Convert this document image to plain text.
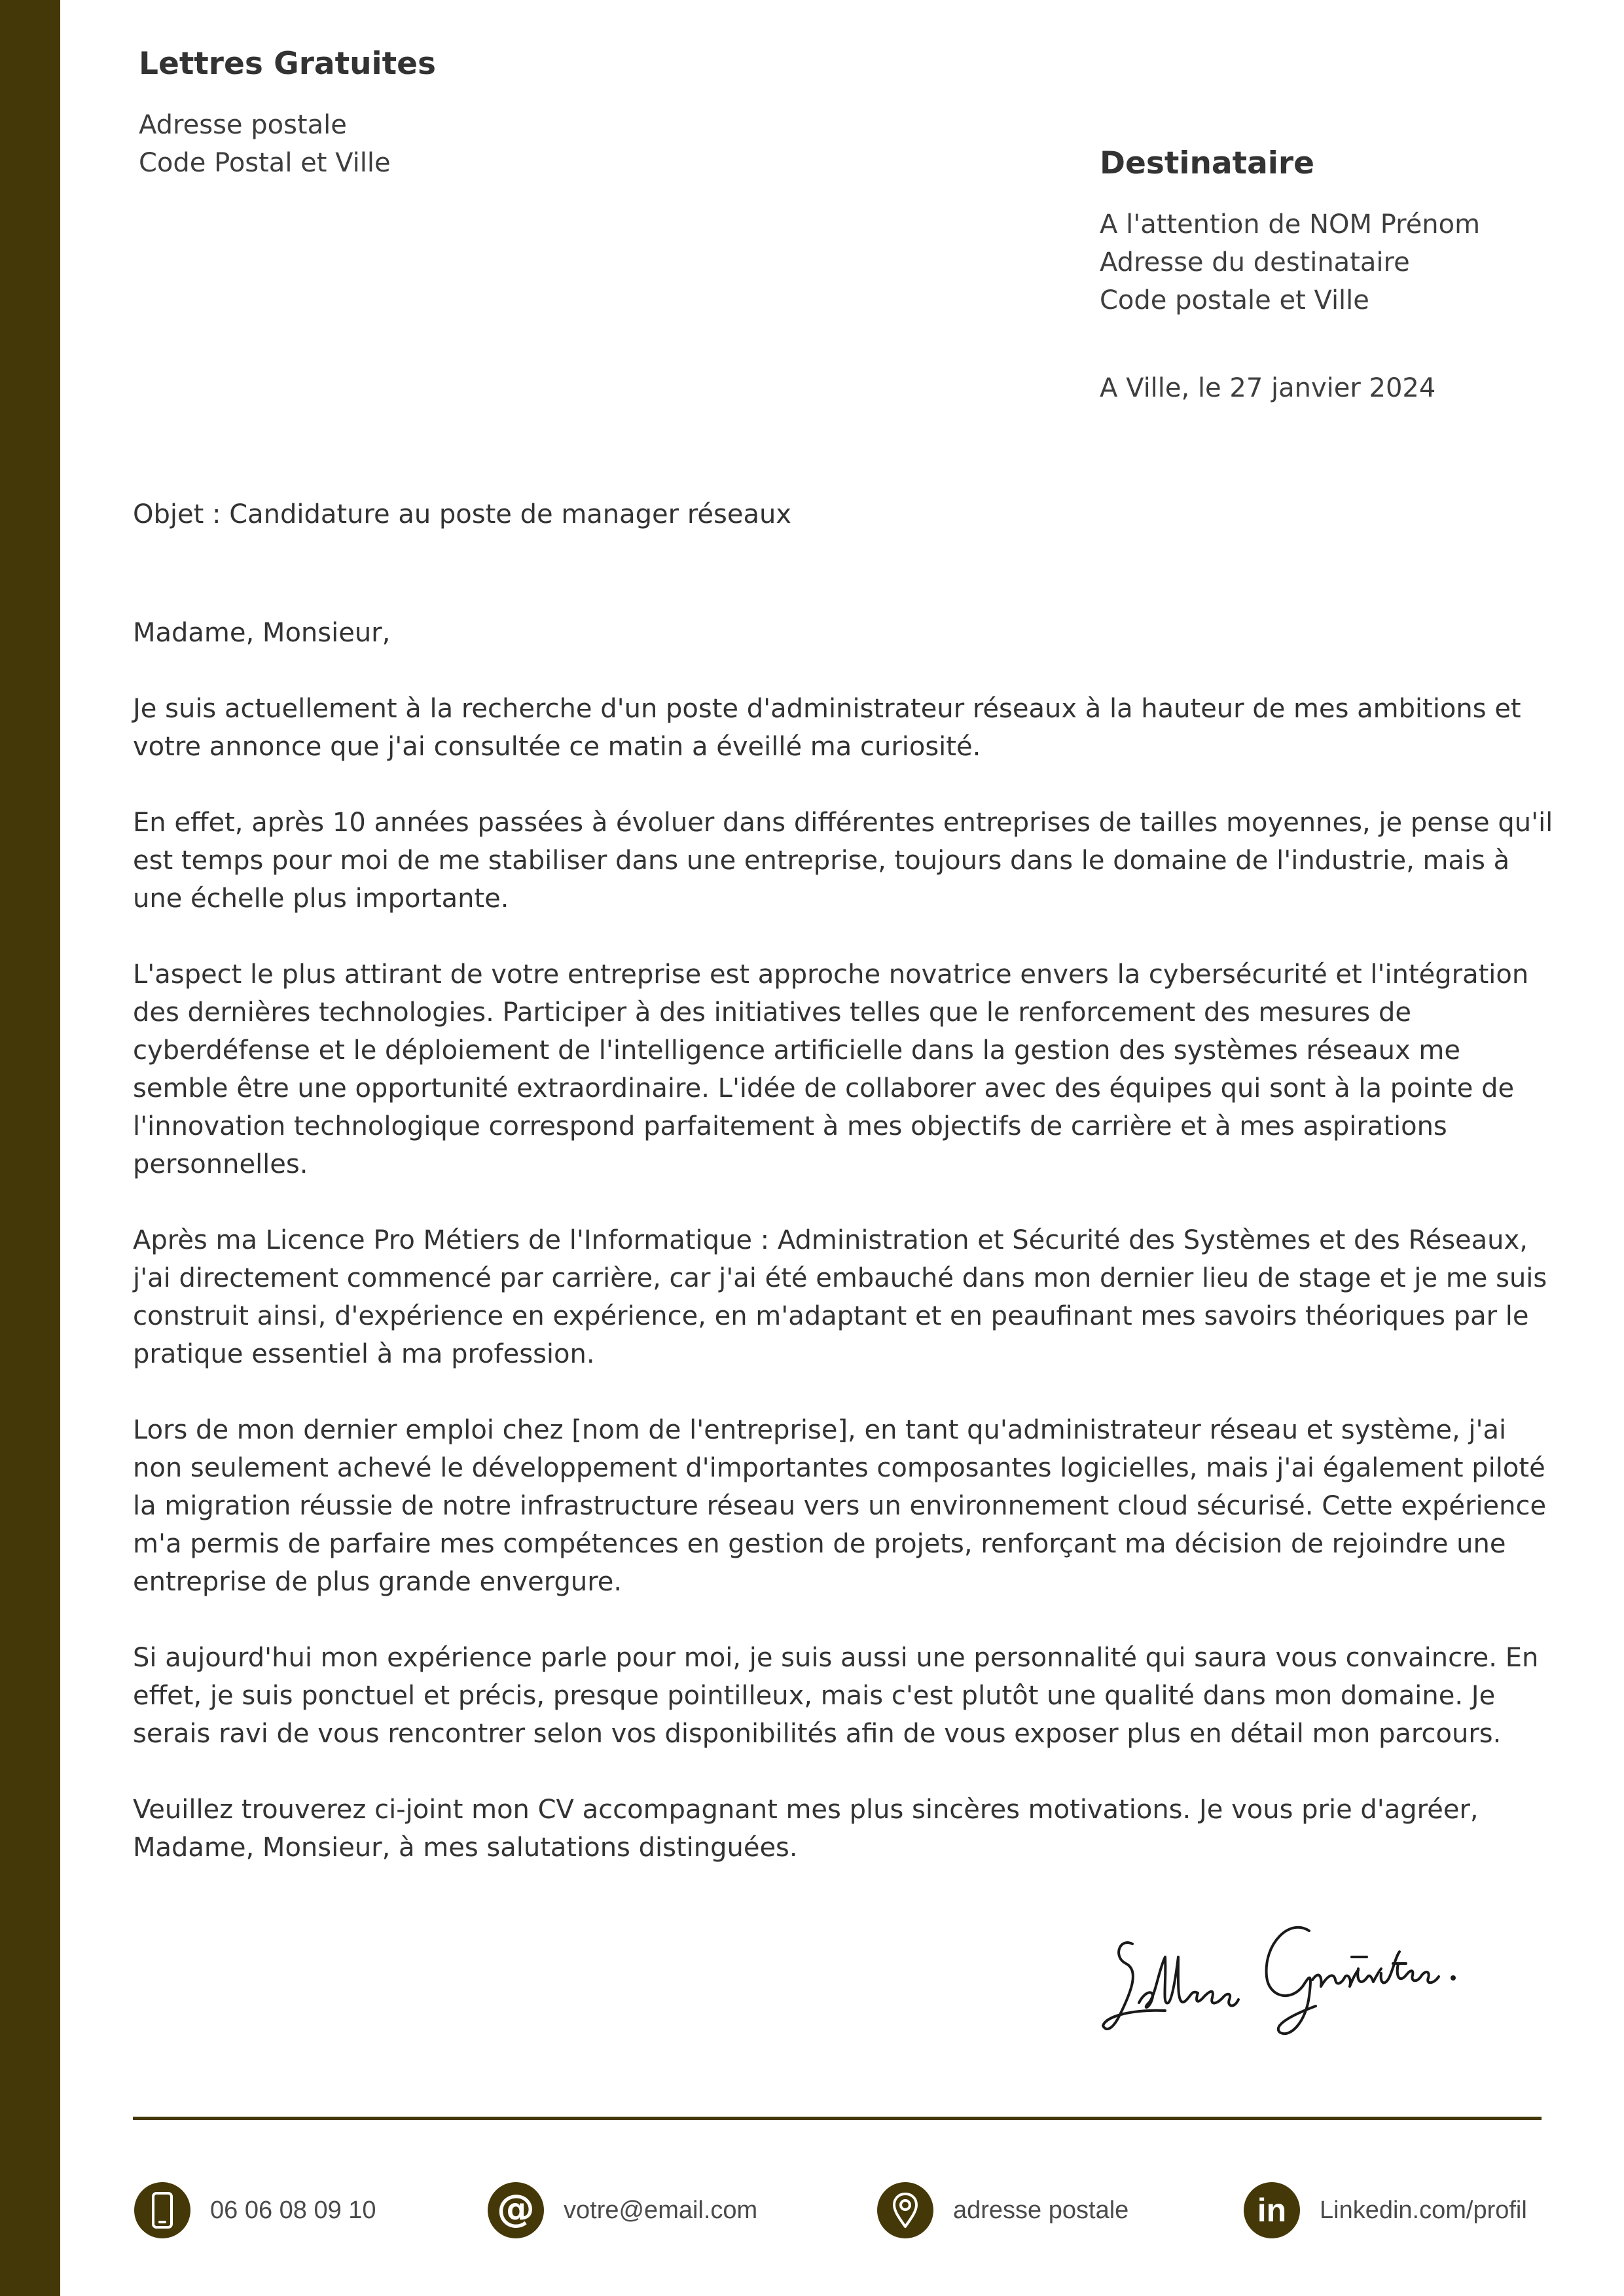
Lettres Gratuites
Adresse postale
Code Postal et Ville	Destinataire
A l'attention de NOM Prénom
Adresse du destinataire
Code postale et Ville
A Ville, le 27 janvier 2024
Objet : Candidature au poste de manager réseaux

Madame, Monsieur,

Je suis actuellement à la recherche d'un poste d'administrateur réseaux à la hauteur de mes ambitions et votre annonce que j'ai consultée ce matin a éveillé ma curiosité.

En effet, après 10 années passées à évoluer dans différentes entreprises de tailles moyennes, je pense qu'il est temps pour moi de me stabiliser dans une entreprise, toujours dans le domaine de l'industrie, mais à une échelle plus importante.

L'aspect le plus attirant de votre entreprise est approche novatrice envers la cybersécurité et l'intégration des dernières technologies. Participer à des initiatives telles que le renforcement des mesures de cyberdéfense et le déploiement de l'intelligence artificielle dans la gestion des systèmes réseaux me semble être une opportunité extraordinaire. L'idée de collaborer avec des équipes qui sont à la pointe de l'innovation technologique correspond parfaitement à mes objectifs de carrière et à mes aspirations personnelles.

Après ma Licence Pro Métiers de l'Informatique : Administration et Sécurité des Systèmes et des Réseaux, j'ai directement commencé par carrière, car j'ai été embauché dans mon dernier lieu de stage et je me suis construit ainsi, d'expérience en expérience, en m'adaptant et en peaufinant mes savoirs théoriques par le pratique essentiel à ma profession.

Lors de mon dernier emploi chez [nom de l'entreprise], en tant qu'administrateur réseau et système, j'ai non seulement achevé le développement d'importantes composantes logicielles, mais j'ai également piloté la migration réussie de notre infrastructure réseau vers un environnement cloud sécurisé. Cette expérience m'a permis de parfaire mes compétences en gestion de projets, renforçant ma décision de rejoindre une entreprise de plus grande envergure.

Si aujourd'hui mon expérience parle pour moi, je suis aussi une personnalité qui saura vous convaincre. En effet, je suis ponctuel et précis, presque pointilleux, mais c'est plutôt une qualité dans mon domaine. Je serais ravi de vous rencontrer selon vos disponibilités afin de vous exposer plus en détail mon parcours.

Veuillez trouverez ci-joint mon CV accompagnant mes plus sincères motivations. Je vous prie d'agréer, Madame, Monsieur, à mes salutations distinguées.

06 06 08 09 10	@ votre@email.com	adresse postale	in Linkedin.com/profil
